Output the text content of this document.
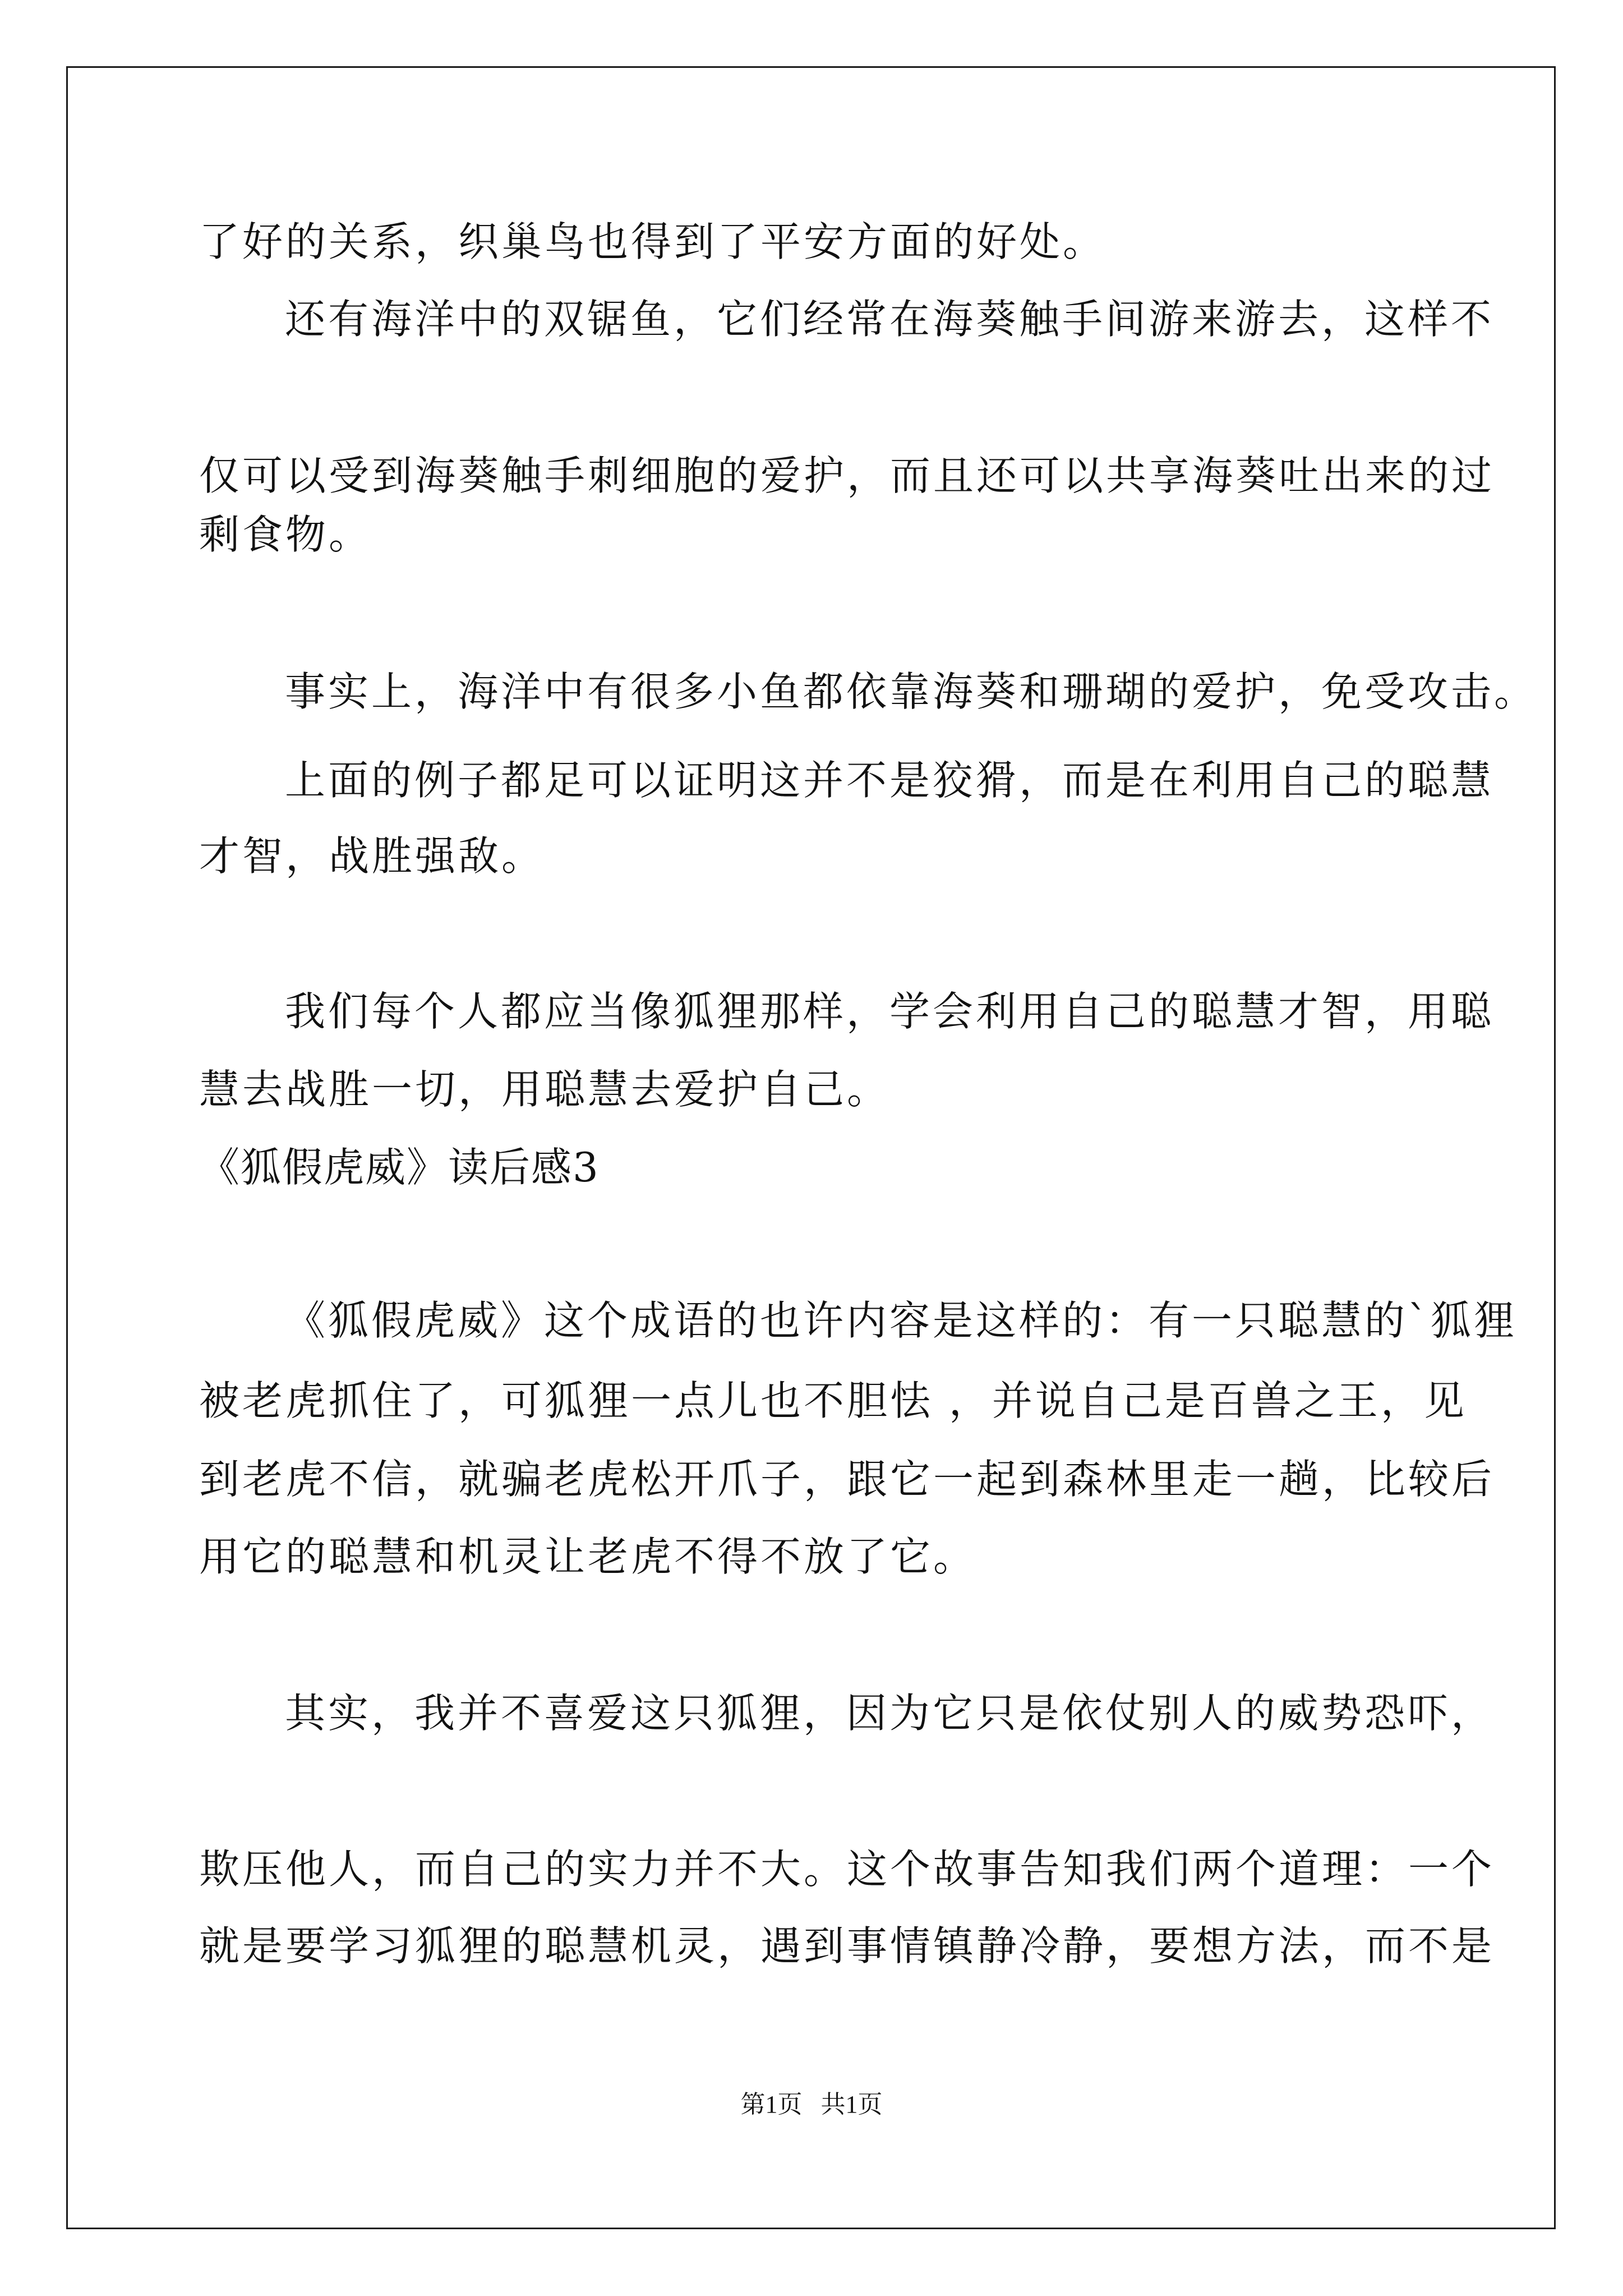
了好的关系，织巢鸟也得到了平安方面的好处。
还有海洋中的双锯鱼，它们经常在海葵触手间游来游去，这样不
仅可以受到海葵触手刺细胞的爱护，而且还可以共享海葵吐出来的过
剩食物。
事实上，海洋中有很多小鱼都依靠海葵和珊瑚的爱护，免受攻击。
上面的例子都足可以证明这并不是狡猾，而是在利用自己的聪慧
才智，战胜强敌。
我们每个人都应当像狐狸那样，学会利用自己的聪慧才智，用聪
慧去战胜一切，用聪慧去爱护自己。
《狐假虎威》读后感3
《狐假虎威》这个成语的也许内容是这样的：有一只聪慧的`狐狸
被老虎抓住了，可狐狸一点儿也不胆怯 ，并说自己是百兽之王，见
到老虎不信，就骗老虎松开爪子，跟它一起到森林里走一趟，比较后
用它的聪慧和机灵让老虎不得不放了它。
其实，我并不喜爱这只狐狸，因为它只是依仗别人的威势恐吓，
欺压他人，而自己的实力并不大。这个故事告知我们两个道理：一个
就是要学习狐狸的聪慧机灵，遇到事情镇静冷静，要想方法，而不是
第1页   共1页
